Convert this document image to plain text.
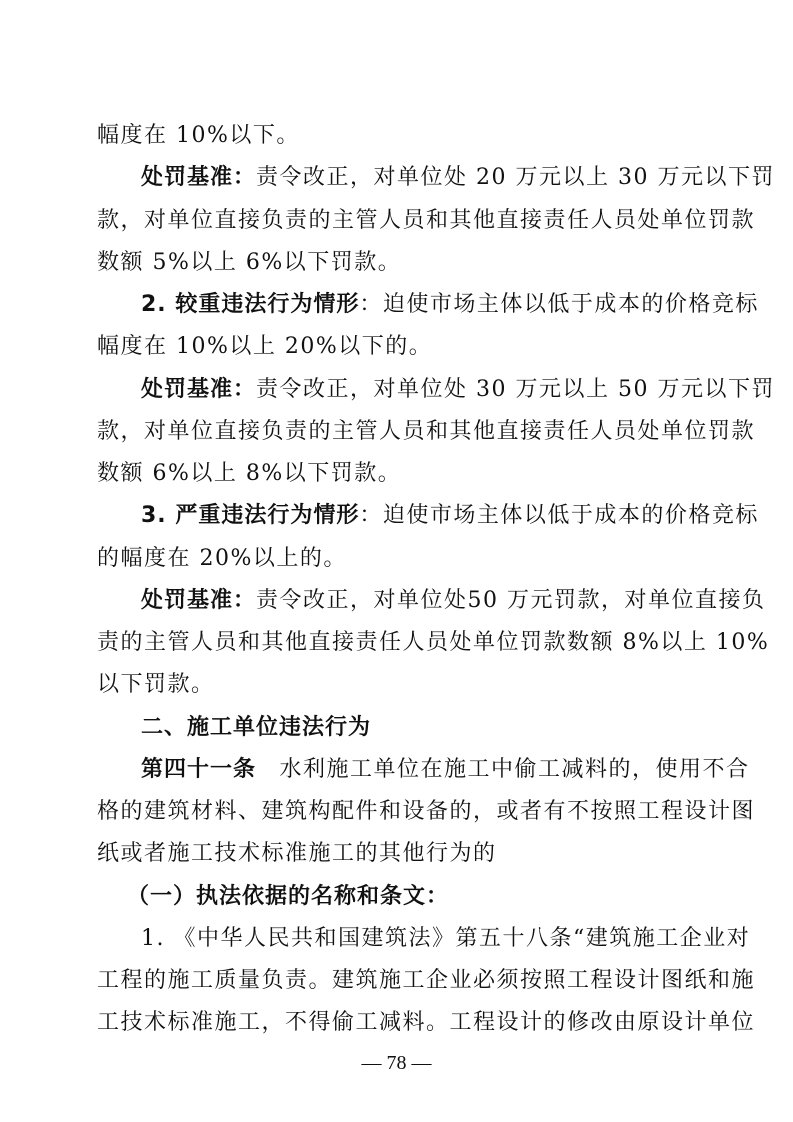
幅度在 10%以下。
处罚基准：责令改正，对单位处 20 万元以上 30 万元以下罚
款，对单位直接负责的主管人员和其他直接责任人员处单位罚款
数额 5%以上 6%以下罚款。
2. 较重违法行为情形：迫使市场主体以低于成本的价格竞标
幅度在 10%以上 20%以下的。
处罚基准：责令改正，对单位处 30 万元以上 50 万元以下罚
款，对单位直接负责的主管人员和其他直接责任人员处单位罚款
数额 6%以上 8%以下罚款。
3. 严重违法行为情形：迫使市场主体以低于成本的价格竞标
的幅度在 20%以上的。
处罚基准：责令改正，对单位处50 万元罚款，对单位直接负
责的主管人员和其他直接责任人员处单位罚款数额 8%以上 10%
以下罚款。
二、施工单位违法行为
第四十一条　水利施工单位在施工中偷工减料的，使用不合
格的建筑材料、建筑构配件和设备的，或者有不按照工程设计图
纸或者施工技术标准施工的其他行为的
（一）执法依据的名称和条文：
1. 《中华人民共和国建筑法》第五十八条“建筑施工企业对
工程的施工质量负责。建筑施工企业必须按照工程设计图纸和施
工技术标准施工，不得偷工减料。工程设计的修改由原设计单位
— 78 —
